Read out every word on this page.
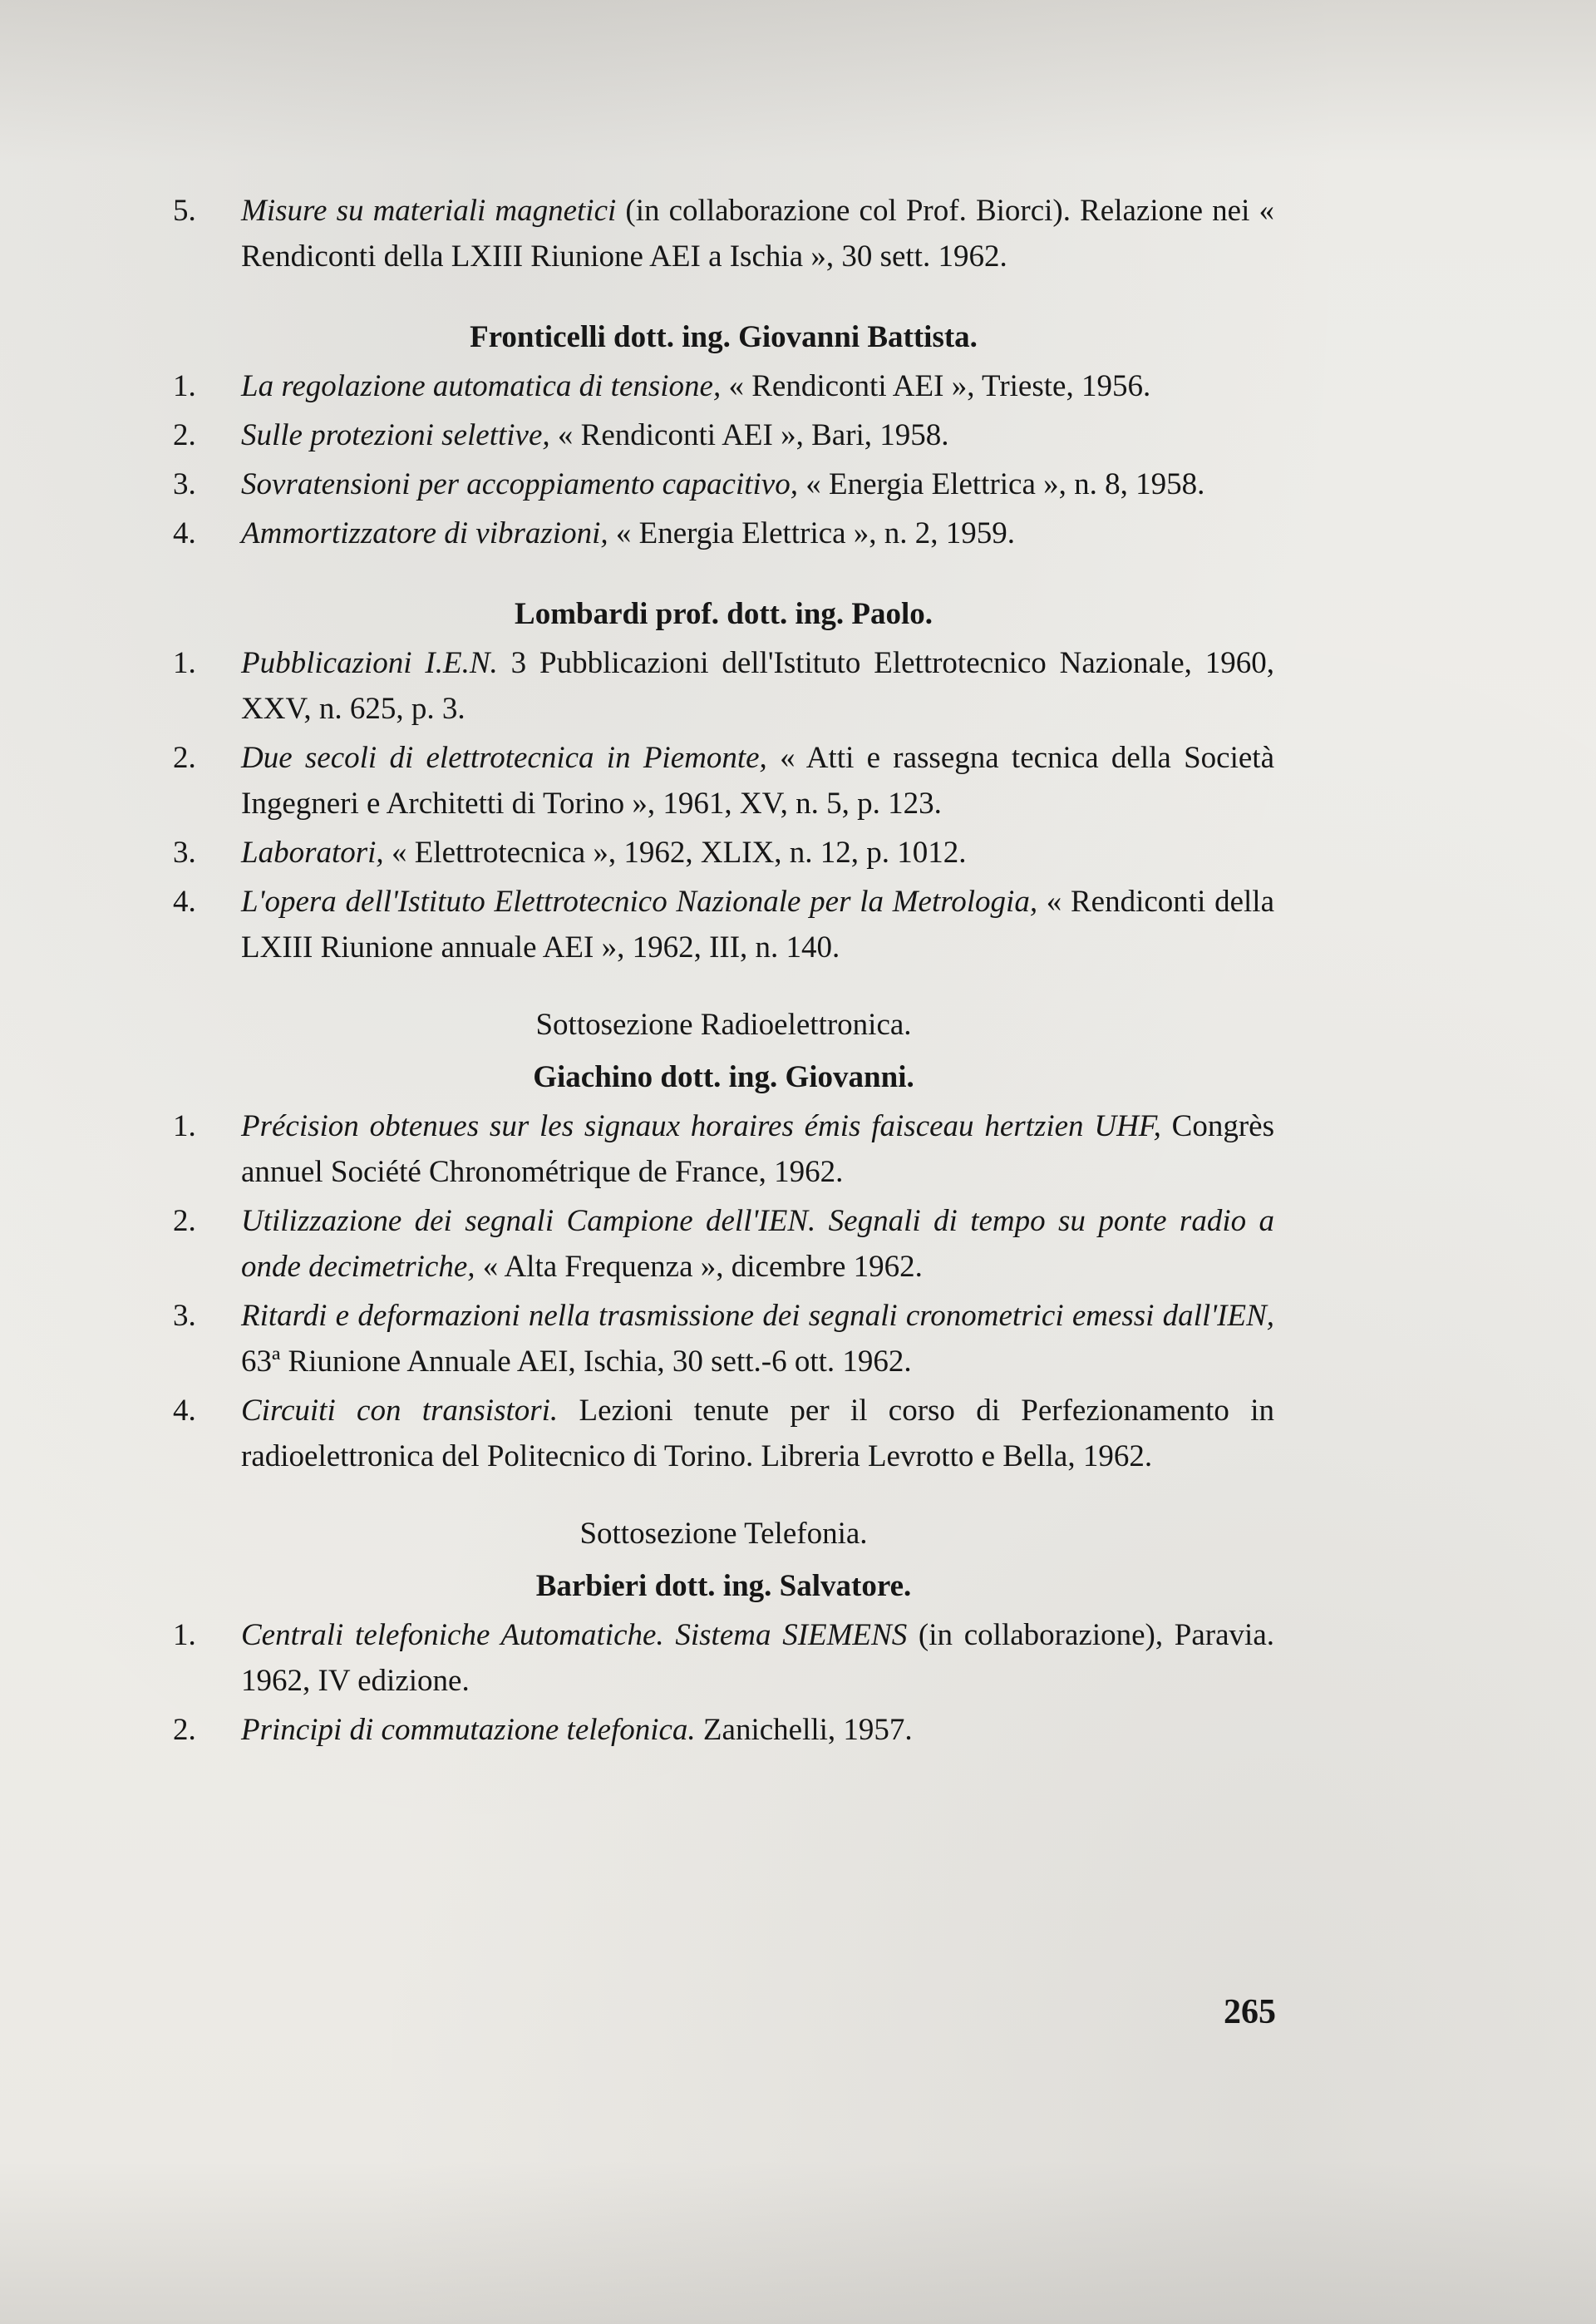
5. Misure su materiali magnetici (in collaborazione col Prof. Biorci). Relazione nei « Rendiconti della LXIII Riunione AEI a Ischia », 30 sett. 1962.
Fronticelli dott. ing. Giovanni Battista.
1. La regolazione automatica di tensione, « Rendiconti AEI », Trieste, 1956.
2. Sulle protezioni selettive, « Rendiconti AEI », Bari, 1958.
3. Sovratensioni per accoppiamento capacitivo, « Energia Elettrica », n. 8, 1958.
4. Ammortizzatore di vibrazioni, « Energia Elettrica », n. 2, 1959.
Lombardi prof. dott. ing. Paolo.
1. Pubblicazioni I.E.N. 3 Pubblicazioni dell'Istituto Elettrotecnico Nazionale, 1960, XXV, n. 625, p. 3.
2. Due secoli di elettrotecnica in Piemonte, « Atti e rassegna tecnica della Società Ingegneri e Architetti di Torino », 1961, XV, n. 5, p. 123.
3. Laboratori, « Elettrotecnica », 1962, XLIX, n. 12, p. 1012.
4. L'opera dell'Istituto Elettrotecnico Nazionale per la Metrologia, « Rendiconti della LXIII Riunione annuale AEI », 1962, III, n. 140.
Sottosezione Radioelettronica.
Giachino dott. ing. Giovanni.
1. Précision obtenues sur les signaux horaires émis faisceau hertzien UHF, Congrès annuel Société Chronométrique de France, 1962.
2. Utilizzazione dei segnali Campione dell'IEN. Segnali di tempo su ponte radio a onde decimetriche, « Alta Frequenza », dicembre 1962.
3. Ritardi e deformazioni nella trasmissione dei segnali cronometrici emessi dall'IEN, 63ª Riunione Annuale AEI, Ischia, 30 sett.-6 ott. 1962.
4. Circuiti con transistori. Lezioni tenute per il corso di Perfezionamento in radioelettronica del Politecnico di Torino. Libreria Levrotto e Bella, 1962.
Sottosezione Telefonia.
Barbieri dott. ing. Salvatore.
1. Centrali telefoniche Automatiche. Sistema SIEMENS (in collaborazione), Paravia. 1962, IV edizione.
2. Principi di commutazione telefonica. Zanichelli, 1957.
265
